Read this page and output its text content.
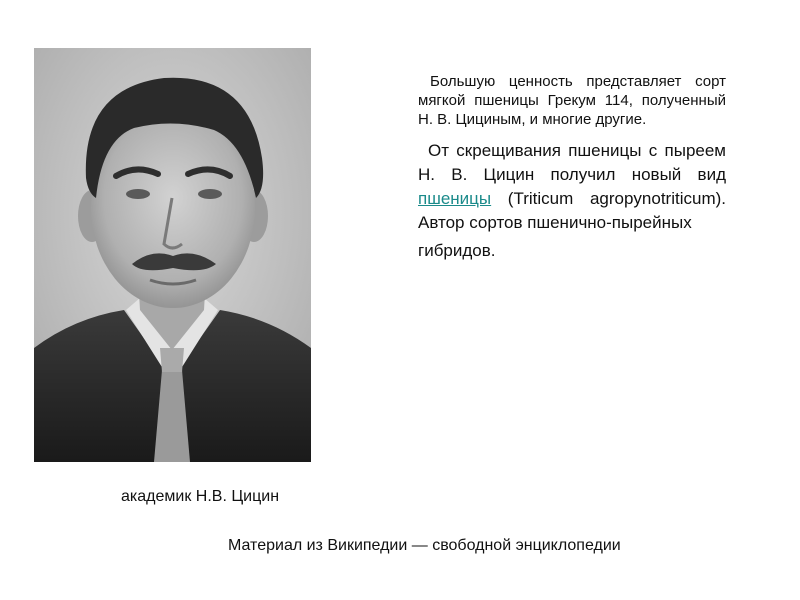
Большую ценность представляет сорт мягкой пшеницы Грекум 114, полученный Н. В. Цициным, и многие другие.

От скрещивания пшеницы с пыреем Н. В. Цицин получил новый вид пшеницы (Triticum agropynotriticum). Автор сортов пшенично-пырейных
гибридов.

академик Н.В. Цицин
Материал из Википедии — свободной энциклопедии
